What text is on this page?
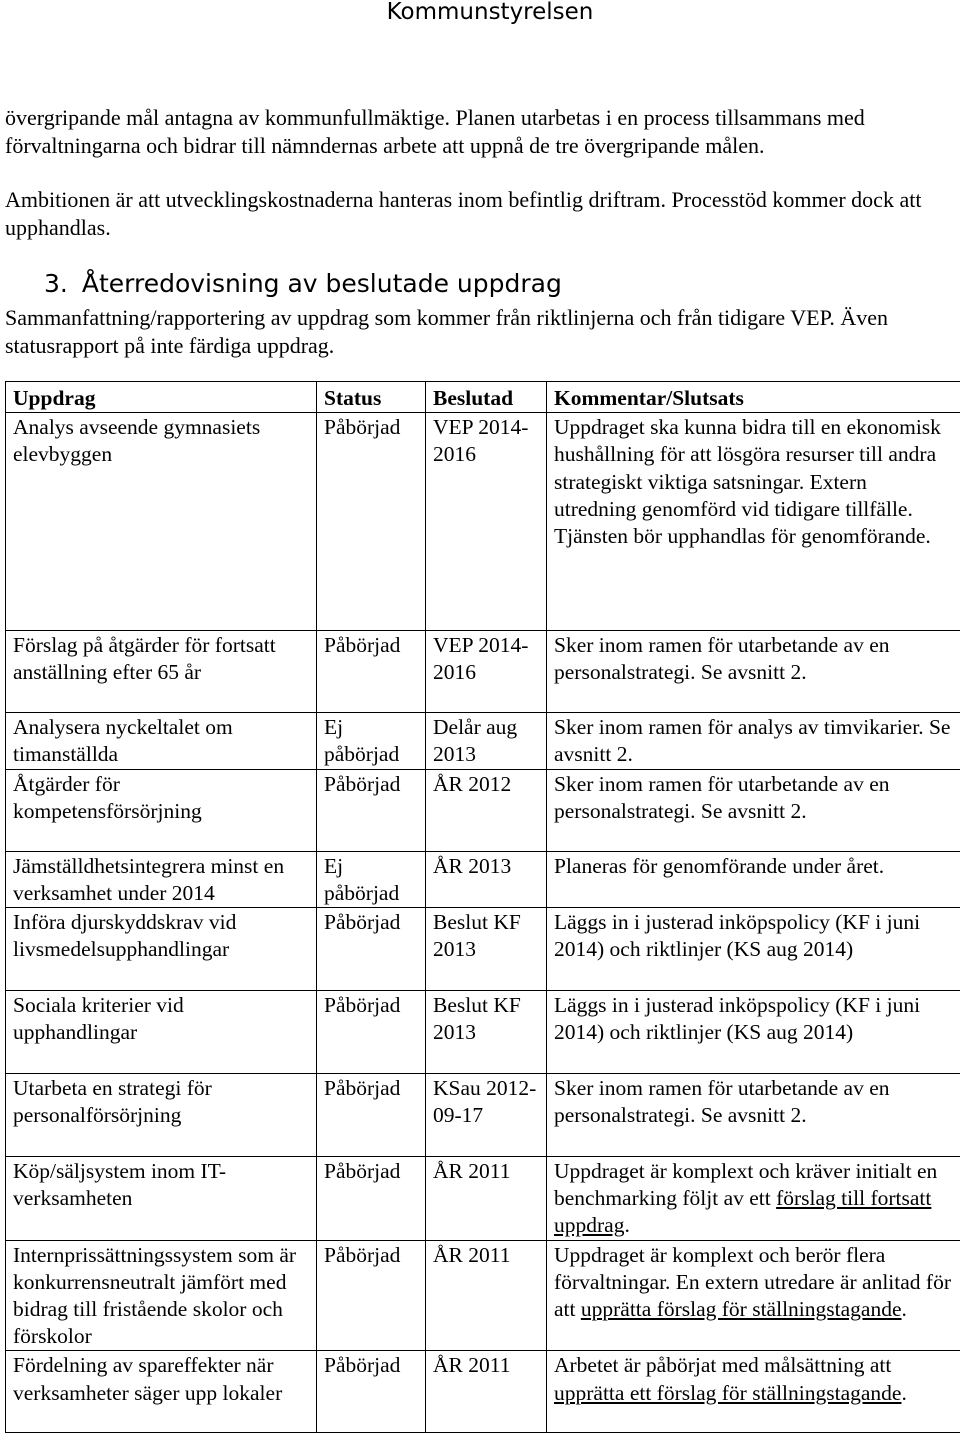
Kommunstyrelsen

övergripande mål antagna av kommunfullmäktige. Planen utarbetas i en process tillsammans med förvaltningarna och bidrar till nämndernas arbete att uppnå de tre övergripande målen.

Ambitionen är att utvecklingskostnaderna hanteras inom befintlig driftram. Processtöd kommer dock att upphandlas.

3. Återredovisning av beslutade uppdrag

Sammanfattning/rapportering av uppdrag som kommer från riktlinjerna och från tidigare VEP. Även statusrapport på inte färdiga uppdrag.

Uppdrag	Status	Beslutad	Kommentar/Slutsats
Analys avseende gymnasiets elevbyggen	Påbörjad	VEP 2014-2016	Uppdraget ska kunna bidra till en ekonomisk hushållning för att lösgöra resurser till andra strategiskt viktiga satsningar. Extern utredning genomförd vid tidigare tillfälle. Tjänsten bör upphandlas för genomförande.
Förslag på åtgärder för fortsatt anställning efter 65 år	Påbörjad	VEP 2014-2016	Sker inom ramen för utarbetande av en personalstrategi. Se avsnitt 2.
Analysera nyckeltalet om timanställda	Ej påbörjad	Delår aug 2013	Sker inom ramen för analys av timvikarier. Se avsnitt 2.
Åtgärder för kompetensförsörjning	Påbörjad	ÅR 2012	Sker inom ramen för utarbetande av en personalstrategi. Se avsnitt 2.
Jämställdhetsintegrera minst en verksamhet under 2014	Ej påbörjad	ÅR 2013	Planeras för genomförande under året.
Införa djurskyddskrav vid livsmedelsupphandlingar	Påbörjad	Beslut KF 2013	Läggs in i justerad inköpspolicy (KF i juni 2014) och riktlinjer (KS aug 2014)
Sociala kriterier vid upphandlingar	Påbörjad	Beslut KF 2013	Läggs in i justerad inköpspolicy (KF i juni 2014) och riktlinjer (KS aug 2014)
Utarbeta en strategi för personalförsörjning	Påbörjad	KSau 2012-09-17	Sker inom ramen för utarbetande av en personalstrategi. Se avsnitt 2.
Köp/säljsystem inom IT-verksamheten	Påbörjad	ÅR 2011	Uppdraget är komplext och kräver initialt en benchmarking följt av ett förslag till fortsatt uppdrag.
Internprissättningssystem som är konkurrensneutralt jämfört med bidrag till fristående skolor och förskolor	Påbörjad	ÅR 2011	Uppdraget är komplext och berör flera förvaltningar. En extern utredare är anlitad för att upprätta förslag för ställningstagande.
Fördelning av spareffekter när verksamheter säger upp lokaler	Påbörjad	ÅR 2011	Arbetet är påbörjat med målsättning att upprätta ett förslag för ställningstagande.
